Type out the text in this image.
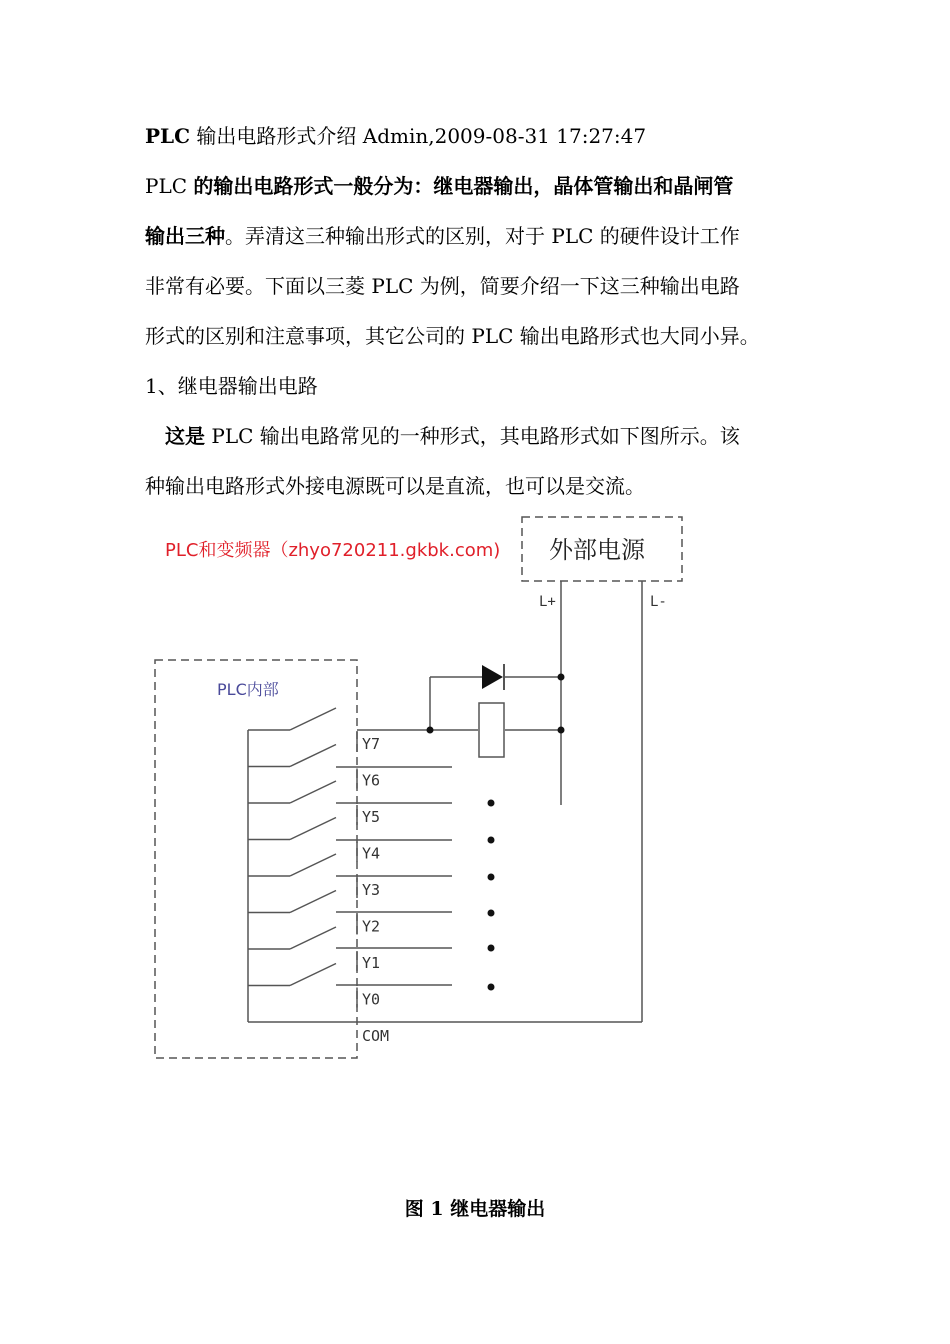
PLC 输出电路形式介绍 Admin,2009-08-31 17:27:47
PLC 的输出电路形式一般分为：继电器输出，晶体管输出和晶闸管
输出三种。弄清这三种输出形式的区别，对于 PLC 的硬件设计工作
非常有必要。下面以三菱 PLC 为例，简要介绍一下这三种输出电路
形式的区别和注意事项，其它公司的 PLC 输出电路形式也大同小异。
1、继电器输出电路
这是 PLC 输出电路常见的一种形式，其电路形式如下图所示。该
种输出电路形式外接电源既可以是直流，也可以是交流。
PLC和变频器（zhyo720211.gkbk.com) 外部电源
L+	L-
PLC内部
Y7
Y6
Y5
Y4
Y3
Y2
Y1
Y0
COM
图 1 继电器输出
